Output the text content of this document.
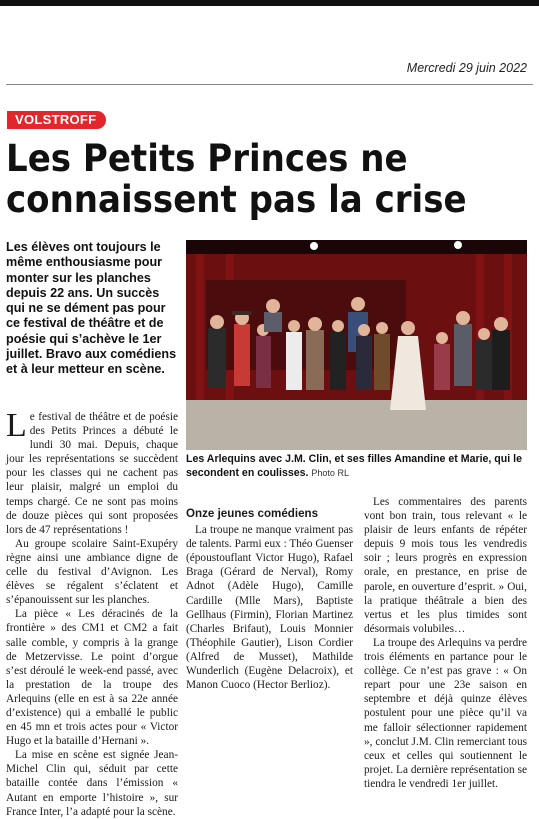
Mercredi 29 juin 2022
VOLSTROFF
Les Petits Princes ne connaissent pas la crise

Les élèves ont toujours le même enthousiasme pour monter sur les planches depuis 22 ans. Un succès qui ne se dément pas pour ce festival de théâtre et de poésie qui s’achève le 1er juillet. Bravo aux comédiens et à leur metteur en scène.

Les Arlequins avec J.M. Clin, et ses filles Amandine et Marie, qui le secondent en coulisses. Photo RL

Le festival de théâtre et de poésie des Petits Princes a débuté le lundi 30 mai. Depuis, chaque jour les représentations se succèdent pour les classes qui ne cachent pas leur plaisir, malgré un emploi du temps chargé. Ce ne sont pas moins de douze pièces qui sont proposées lors de 47 représentations !

Au groupe scolaire Saint-Exupéry règne ainsi une ambiance digne de celle du festival d’Avignon. Les élèves se régalent s’éclatent et s’épanouissent sur les planches.

La pièce « Les déracinés de la frontière » des CM1 et CM2 a fait salle comble, y compris à la grange de Metzervisse. Le point d’orgue s’est déroulé le week-end passé, avec la prestation de la troupe des Arlequins (elle en est à sa 22e année d’existence) qui a emballé le public en 45 mn et trois actes pour « Victor Hugo et la bataille d’Hernani ».

La mise en scène est signée Jean-Michel Clin qui, séduit par cette bataille contée dans l’émission « Autant en emporte l’histoire », sur France Inter, l’a adapté pour la scène.

Onze jeunes comédiens

La troupe ne manque vraiment pas de talents. Parmi eux : Théo Guenser (époustouflant Victor Hugo), Rafael Braga (Gérard de Nerval), Romy Adnot (Adèle Hugo), Camille Cardille (Mlle Mars), Baptiste Gellhaus (Firmin), Florian Martinez (Charles Brifaut), Louis Monnier (Théophile Gautier), Lison Cordier (Alfred de Musset), Mathilde Wunderlich (Eugène Delacroix), et Manon Cuoco (Hector Berlioz).

Les commentaires des parents vont bon train, tous relevant « le plaisir de leurs enfants de répéter depuis 9 mois tous les vendredis soir ; leurs progrès en expression orale, en prestance, en prise de parole, en ouverture d’esprit. » Oui, la pratique théâtrale a bien des vertus et les plus timides sont désormais volubiles…

La troupe des Arlequins va perdre trois éléments en partance pour le collège. Ce n’est pas grave : « On repart pour une 23e saison en septembre et déjà quinze élèves postulent pour une pièce qu’il va me falloir sélectionner rapidement », conclut J.M. Clin remerciant tous ceux et celles qui soutiennent le projet. La dernière représentation se tiendra le vendredi 1er juillet.
